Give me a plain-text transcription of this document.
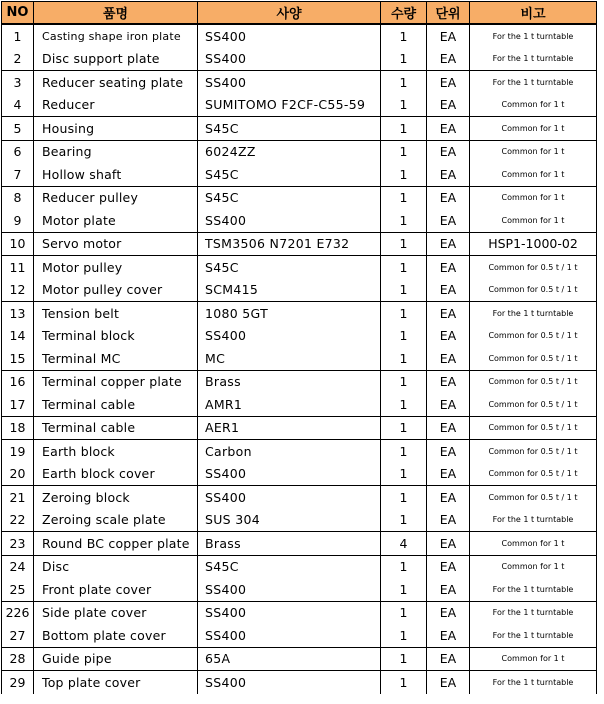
NO	품명	사양	수량	단위	비고
1	Casting shape iron plate	SS400	1	EA	For the 1 t turntable
2	Disc support plate	SS400	1	EA	For the 1 t turntable
3	Reducer seating plate	SS400	1	EA	For the 1 t turntable
4	Reducer	SUMITOMO F2CF-C55-59	1	EA	Common for 1 t
5	Housing	S45C	1	EA	Common for 1 t
6	Bearing	6024ZZ	1	EA	Common for 1 t
7	Hollow shaft	S45C	1	EA	Common for 1 t
8	Reducer pulley	S45C	1	EA	Common for 1 t
9	Motor plate	SS400	1	EA	Common for 1 t
10	Servo motor	TSM3506 N7201 E732	1	EA	HSP1-1000-02
11	Motor pulley	S45C	1	EA	Common for 0.5 t / 1 t
12	Motor pulley cover	SCM415	1	EA	Common for 0.5 t / 1 t
13	Tension belt	1080 5GT	1	EA	For the 1 t turntable
14	Terminal block	SS400	1	EA	Common for 0.5 t / 1 t
15	Terminal MC	MC	1	EA	Common for 0.5 t / 1 t
16	Terminal copper plate	Brass	1	EA	Common for 0.5 t / 1 t
17	Terminal cable	AMR1	1	EA	Common for 0.5 t / 1 t
18	Terminal cable	AER1	1	EA	Common for 0.5 t / 1 t
19	Earth block	Carbon	1	EA	Common for 0.5 t / 1 t
20	Earth block cover	SS400	1	EA	Common for 0.5 t / 1 t
21	Zeroing block	SS400	1	EA	Common for 0.5 t / 1 t
22	Zeroing scale plate	SUS 304	1	EA	For the 1 t turntable
23	Round BC copper plate	Brass	4	EA	Common for 1 t
24	Disc	S45C	1	EA	Common for 1 t
25	Front plate cover	SS400	1	EA	For the 1 t turntable
226	Side plate cover	SS400	1	EA	For the 1 t turntable
27	Bottom plate cover	SS400	1	EA	For the 1 t turntable
28	Guide pipe	65A	1	EA	Common for 1 t
29	Top plate cover	SS400	1	EA	For the 1 t turntable
